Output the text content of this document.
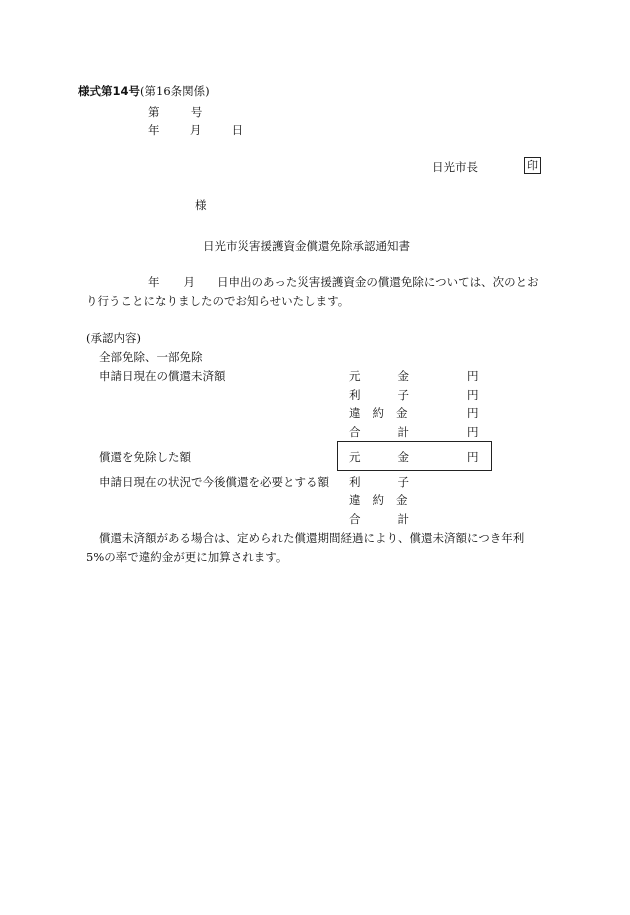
様式第14号(第16条関係)
第	号
年	月	日
日光市長	印
様
日光市災害援護資金償還免除承認通知書
年 月 日申出のあった災害援護資金の償還免除については、次のとお
り行うことになりましたのでお知らせいたします。
(承認内容)
全部免除、一部免除
申請日現在の償還未済額	元	金	円
利	子	円
違 約 金	円
合	計	円
償還を免除した額	元	金	円
申請日現在の状況で今後償還を必要とする額 利	子
違 約 金
合	計
償還未済額がある場合は、定められた償還期間経過により、償還未済額につき年利
5%の率で違約金が更に加算されます。
